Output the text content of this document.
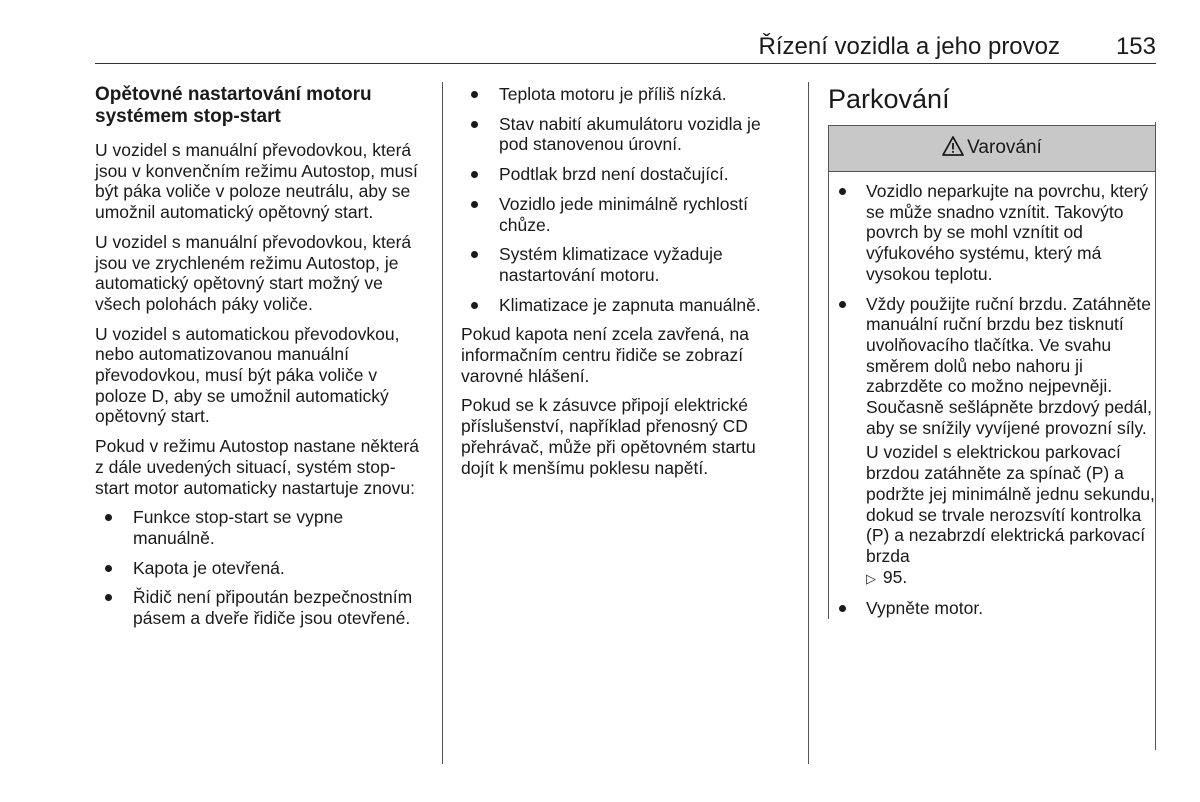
Řízení vozidla a jeho provoz	153
Opětovné nastartování motoru systémem stop-start

U vozidel s manuální převodovkou, která jsou v konvenčním režimu Autostop, musí být páka voliče v poloze neutrálu, aby se umožnil automatický opětovný start.

U vozidel s manuální převodovkou, která jsou ve zrychleném režimu Autostop, je automatický opětovný start možný ve všech polohách páky voliče.

U vozidel s automatickou převodovkou, nebo automatizovanou manuální převodovkou, musí být páka voliče v poloze D, aby se umožnil automatický opětovný start.

Pokud v režimu Autostop nastane některá z dále uvedených situací, systém stop-start motor automaticky nastartuje znovu:

Funkce stop-start se vypne manuálně.
Kapota je otevřená.
Řidič není připoután bezpečnostním pásem a dveře řidiče jsou otevřené.
Teplota motoru je příliš nízká.
Stav nabití akumulátoru vozidla je pod stanovenou úrovní.
Podtlak brzd není dostačující.
Vozidlo jede minimálně rychlostí chůze.
Systém klimatizace vyžaduje nastartování motoru.
Klimatizace je zapnuta manuálně.

Pokud kapota není zcela zavřená, na informačním centru řidiče se zobrazí varovné hlášení.

Pokud se k zásuvce připojí elektrické příslušenství, například přenosný CD přehrávač, může při opětovném startu dojít k menšímu poklesu napětí.

Parkování
Varování
Vozidlo neparkujte na povrchu, který se může snadno vznítit. Takovýto povrch by se mohl vznítit od výfukového systému, který má vysokou teplotu.
Vždy použijte ruční brzdu. Zatáhněte manuální ruční brzdu bez tisknutí uvolňovacího tlačítka. Ve svahu směrem dolů nebo nahoru ji zabrzděte co možno nejpevněji. Současně sešlápněte brzdový pedál, aby se snížily vyvíjené provozní síly.

U vozidel s elektrickou parkovací brzdou zatáhněte za spínač (P) a podržte jej minimálně jednu sekundu, dokud se trvale nerozsvítí kontrolka (P) a nezabrzdí elektrická parkovací brzda
▷ 95.

Vypněte motor.
